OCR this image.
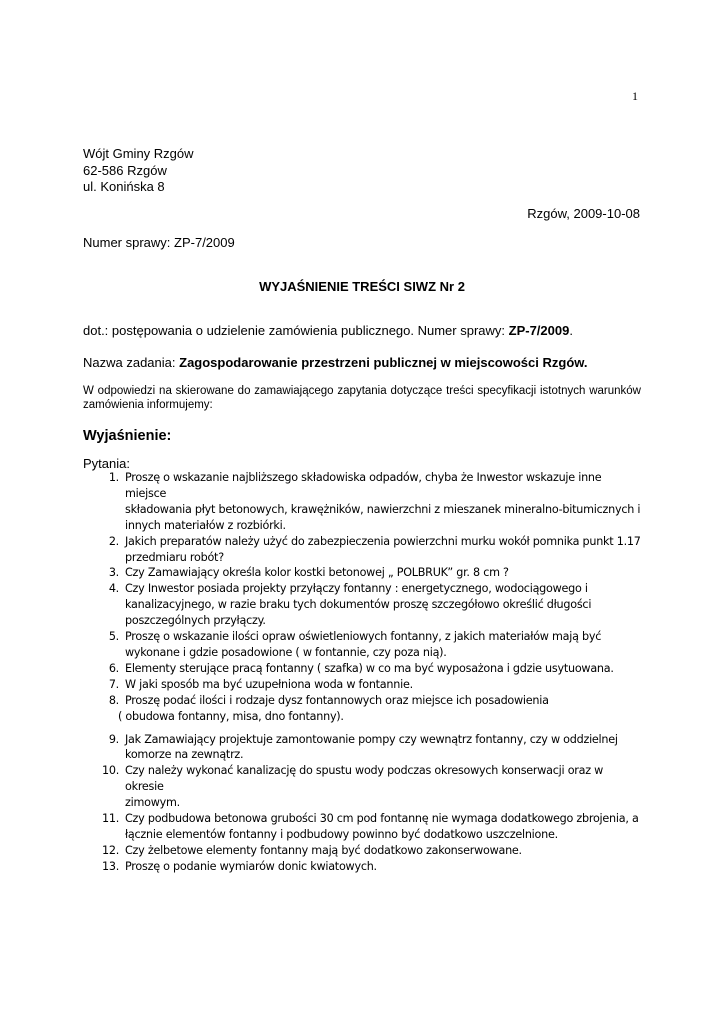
1
Wójt Gminy Rzgów
62-586 Rzgów
ul. Konińska 8
Rzgów, 2009-10-08
Numer sprawy: ZP-7/2009
WYJAŚNIENIE TREŚCI SIWZ Nr 2
dot.: postępowania o udzielenie zamówienia publicznego. Numer sprawy: ZP-7/2009.
Nazwa zadania: Zagospodarowanie przestrzeni publicznej w miejscowości Rzgów.
W odpowiedzi na skierowane do zamawiającego zapytania dotyczące treści specyfikacji istotnych warunków zamówienia informujemy:
Wyjaśnienie:
Pytania:
1. Proszę o wskazanie najbliższego składowiska odpadów, chyba że Inwestor wskazuje inne miejsce
składowania płyt betonowych, krawężników, nawierzchni z mieszanek mineralno-bitumicznych i
innych materiałów z rozbiórki.
2. Jakich preparatów należy użyć do zabezpieczenia powierzchni murku wokół pomnika punkt 1.17
przedmiaru robót?
3. Czy Zamawiający określa kolor kostki betonowej „ POLBRUK” gr. 8 cm ?
4. Czy Inwestor posiada projekty przyłączy fontanny : energetycznego, wodociągowego i
kanalizacyjnego, w razie braku tych dokumentów proszę szczegółowo określić długości
poszczególnych przyłączy.
5. Proszę o wskazanie ilości opraw oświetleniowych fontanny, z jakich materiałów mają być
wykonane i gdzie posadowione ( w fontannie, czy poza nią).
6. Elementy sterujące pracą fontanny ( szafka) w co ma być wyposażona i gdzie usytuowana.
7. W jaki sposób ma być uzupełniona woda w fontannie.
8. Proszę podać ilości i rodzaje dysz fontannowych oraz miejsce ich posadowienia
( obudowa fontanny, misa, dno fontanny).
9. Jak Zamawiający projektuje zamontowanie pompy czy wewnątrz fontanny, czy w oddzielnej
komorze na zewnątrz.
10. Czy należy wykonać kanalizację do spustu wody podczas okresowych konserwacji oraz w okresie
zimowym.
11. Czy podbudowa betonowa grubości 30 cm pod fontannę nie wymaga dodatkowego zbrojenia, a
łącznie elementów fontanny i podbudowy powinno być dodatkowo uszczelnione.
12. Czy żelbetowe elementy fontanny mają być dodatkowo zakonserwowane.
13. Proszę o podanie wymiarów donic kwiatowych.
